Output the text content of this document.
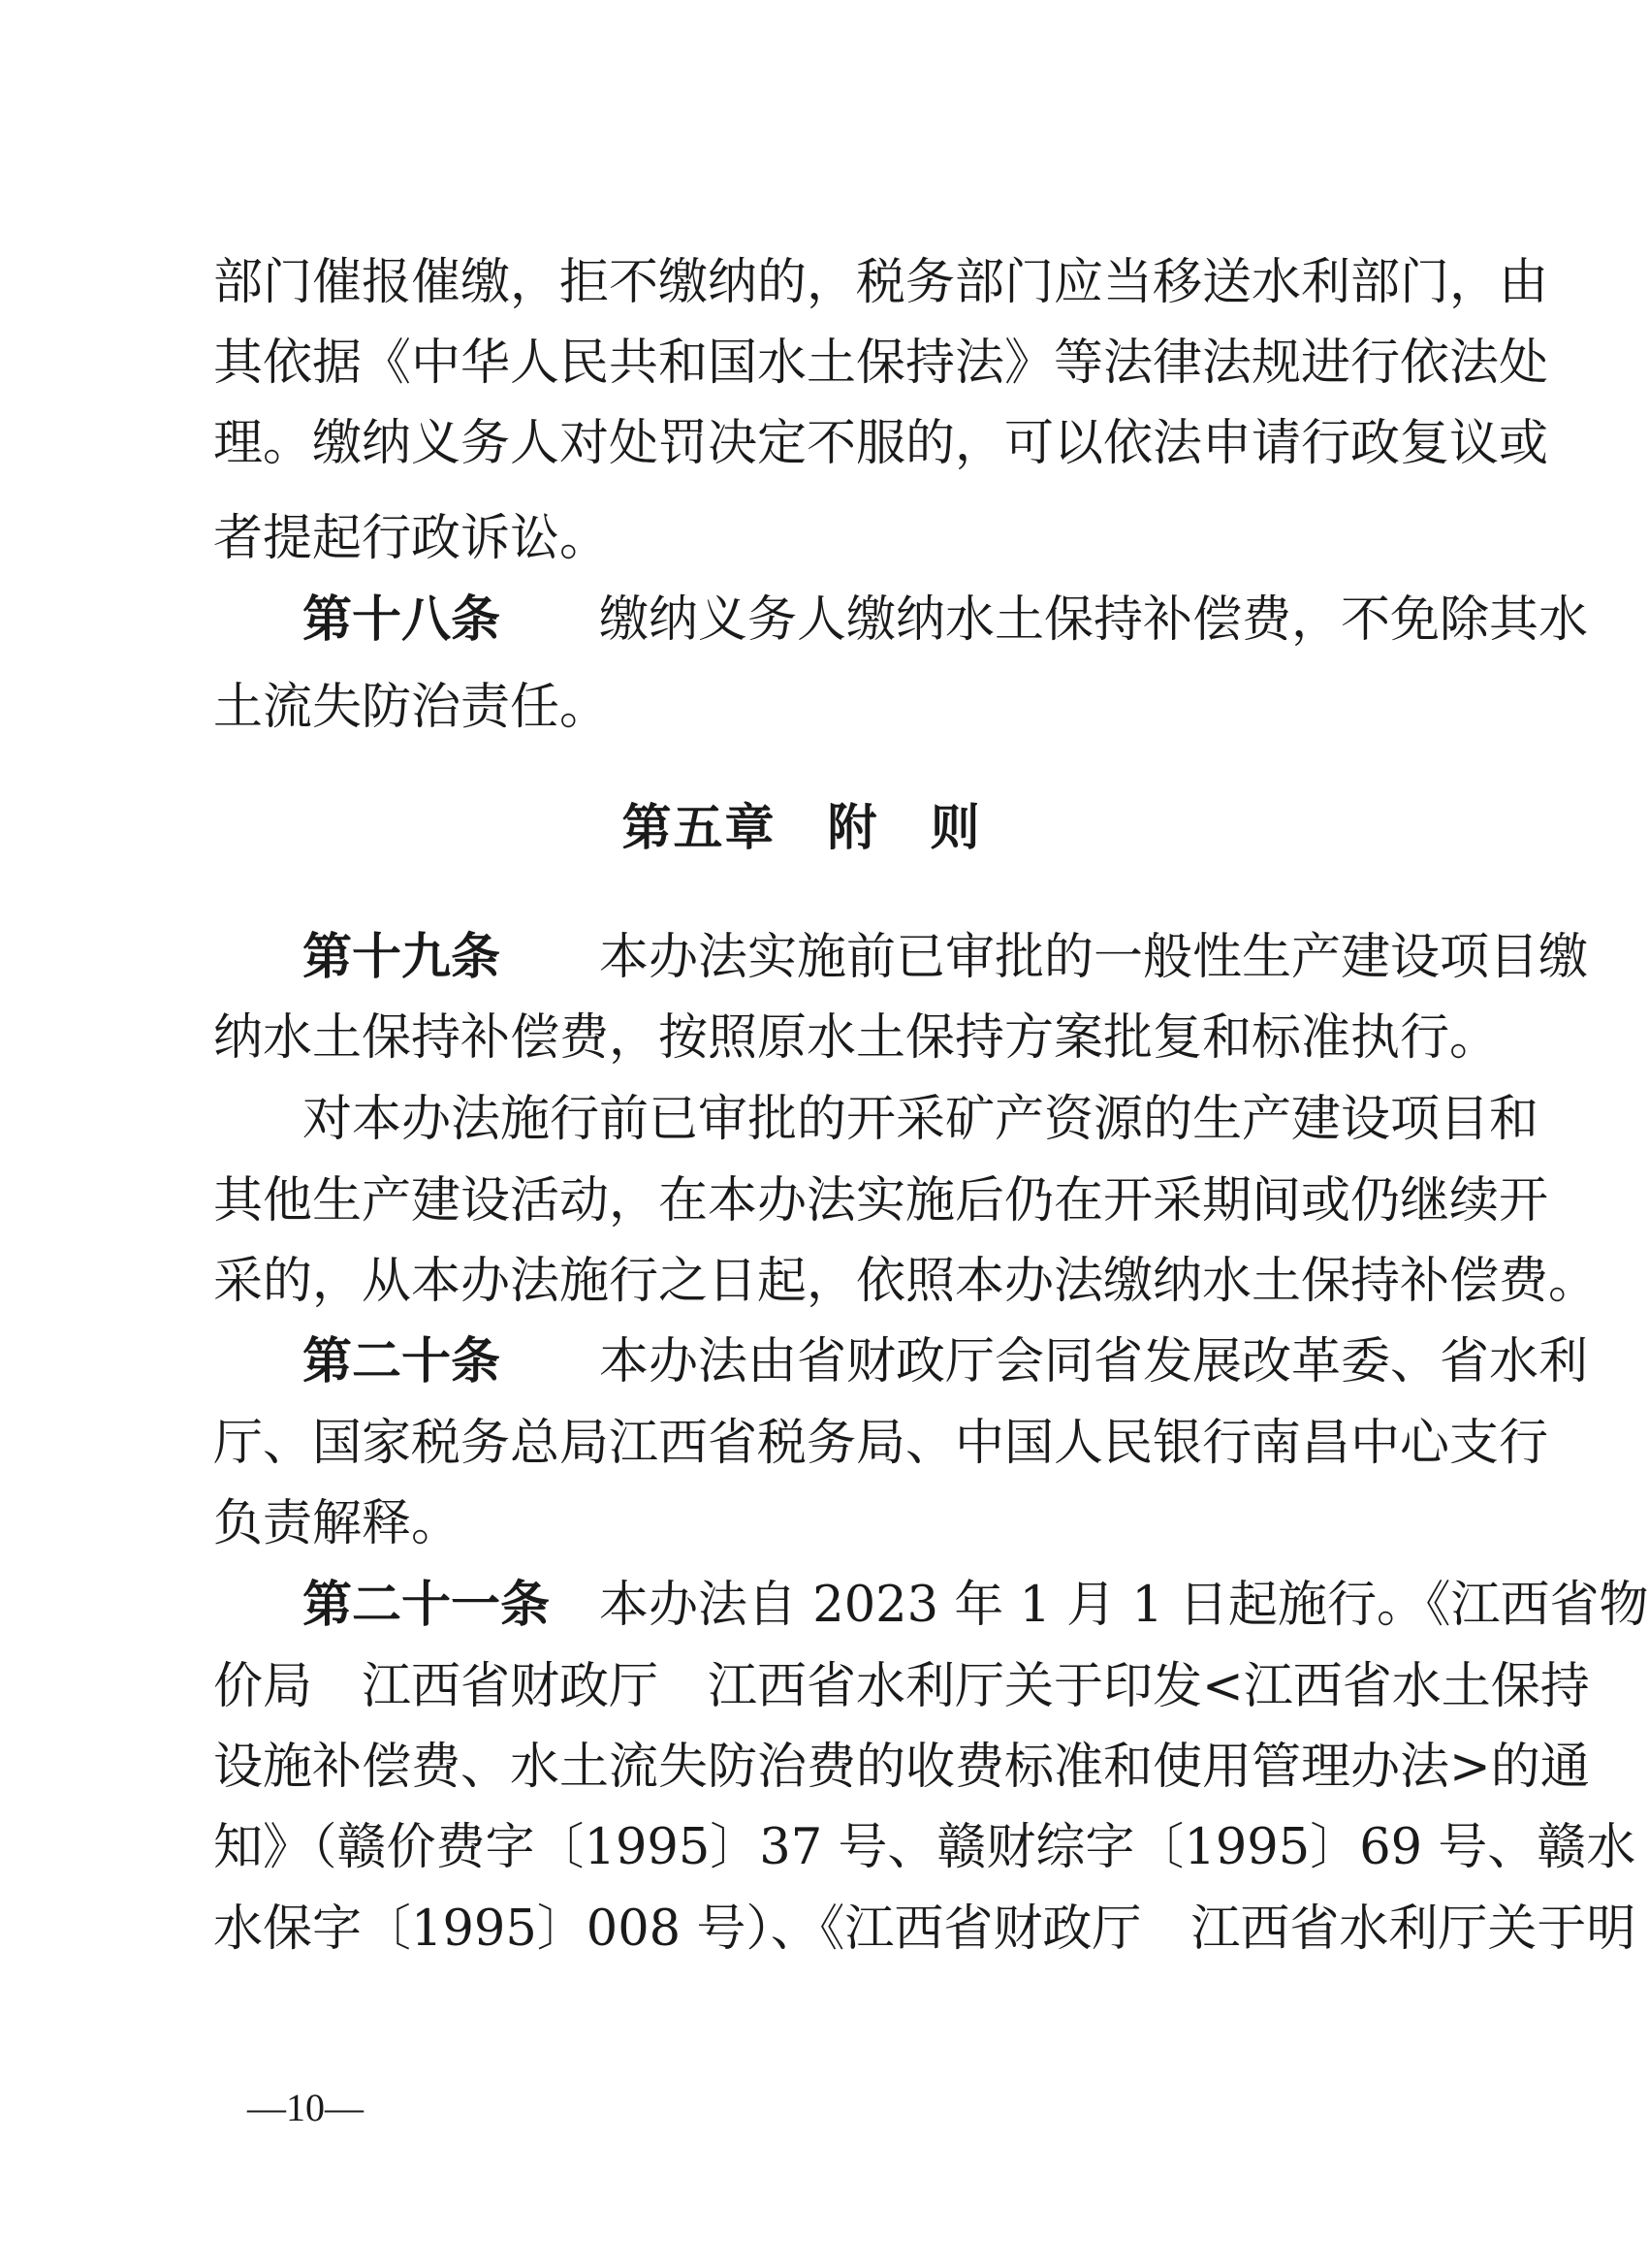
部门催报催缴，拒不缴纳的，税务部门应当移送水利部门，由
其依据《中华人民共和国水土保持法》等法律法规进行依法处
理。缴纳义务人对处罚决定不服的，可以依法申请行政复议或
者提起行政诉讼。
第十八条　　 缴纳义务人缴纳水土保持补偿费，不免除其水
土流失防治责任。
第五章　附　则
第十九条　　 本办法实施前已审批的一般性生产建设项目缴
纳水土保持补偿费，按照原水土保持方案批复和标准执行。
对本办法施行前已审批的开采矿产资源的生产建设项目和
其他生产建设活动，在本办法实施后仍在开采期间或仍继续开
采的，从本办法施行之日起，依照本办法缴纳水土保持补偿费。
第二十条　　 本办法由省财政厅会同省发展改革委、省水利
厅、国家税务总局江西省税务局、中国人民银行南昌中心支行
负责解释。
第二十一条　 本办法自 2023 年 1 月 1 日起施行。《江西省物
价局　江西省财政厅　江西省水利厅关于印发<江西省水土保持
设施补偿费、水土流失防治费的收费标准和使用管理办法>的通
知》（赣价费字〔1995〕37 号、赣财综字〔1995〕69 号、赣水
水保字〔1995〕008 号）、《江西省财政厅　江西省水利厅关于明
—10—
